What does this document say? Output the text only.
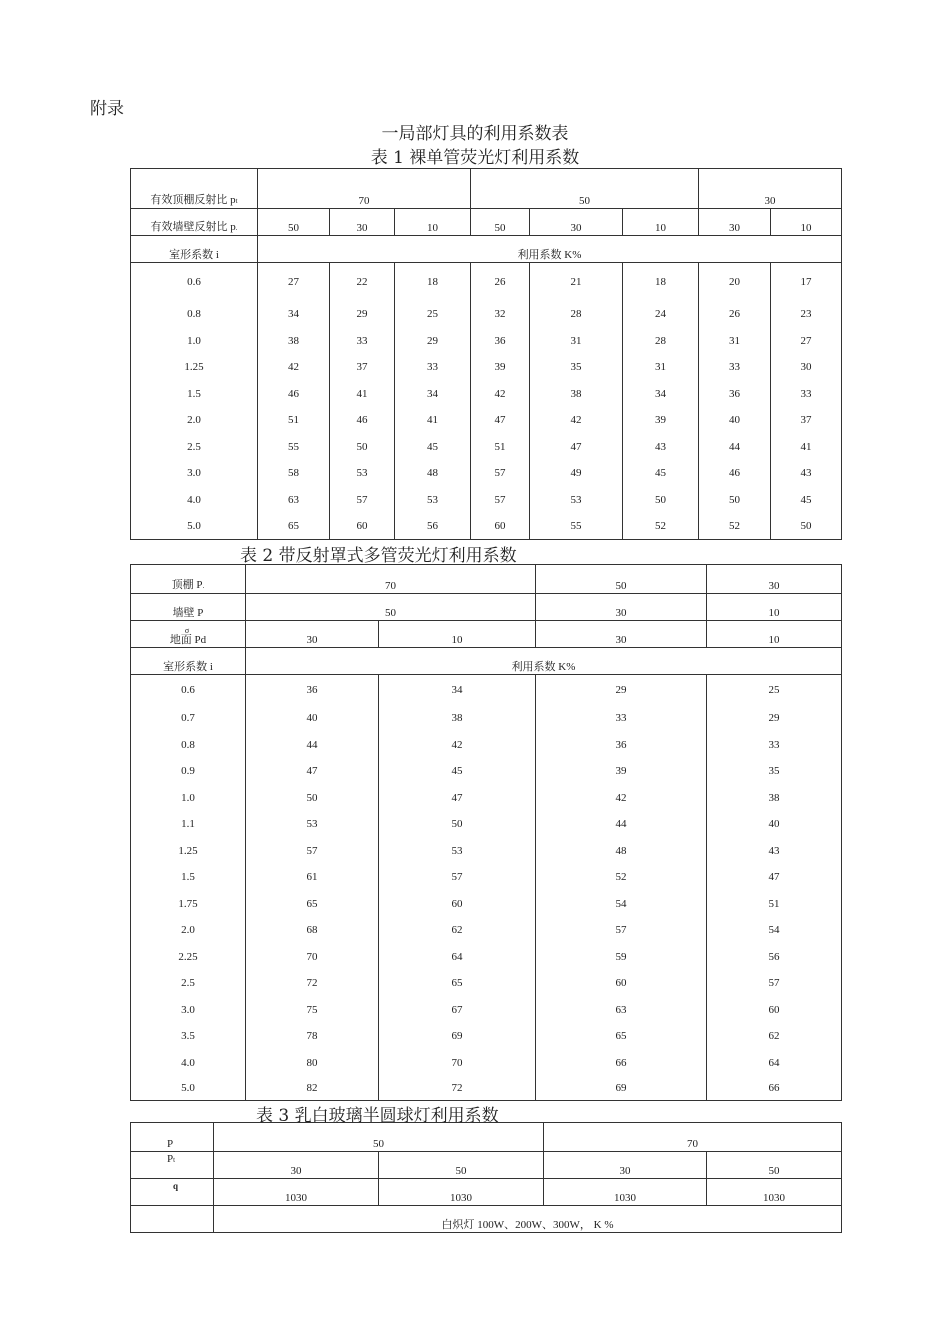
附录
一局部灯具的利用系数表
表 1 裸单管荧光灯利用系数
有效顶棚反射比 pt	70			50			30	
有效墙壁反射比 p.	50	30	10	50	30	10	30	10
室形系数 i	利用系数 K%							
0.6	27	22	18	26	21	18	20	17
0.8	34	29	25	32	28	24	26	23
1.0	38	33	29	36	31	28	31	27
1.25	42	37	33	39	35	31	33	30
1.5	46	41	34	42	38	34	36	33
2.0	51	46	41	47	42	39	40	37
2.5	55	50	45	51	47	43	44	41
3.0	58	53	48	57	49	45	46	43
4.0	63	57	53	57	53	50	50	45
5.0	65	60	56	60	55	52	52	50
表 2 带反射罩式多管荧光灯利用系数
顶棚 P.	70		50	30
墙壁 P	50		30	10

σ
地面 Pd	30	10	30	10
室形系数 i	利用系数 K%			
0.6	36	34	29	25
0.7	40	38	33	29
0.8	44	42	36	33
0.9	47	45	39	35
1.0	50	47	42	38
1.1	53	50	44	40
1.25	57	53	48	43
1.5	61	57	52	47
1.75	65	60	54	51
2.0	68	62	57	54
2.25	70	64	59	56
2.5	72	65	60	57
3.0	75	67	63	60
3.5	78	69	65	62
4.0	80	70	66	64
5.0	82	72	69	66
表 3 乳白玻璃半圆球灯利用系数
P	50		70	
Pt	30	50	30	50
q	1030	1030	1030	1030
	白炽灯 100W、200W、300W， K %			
